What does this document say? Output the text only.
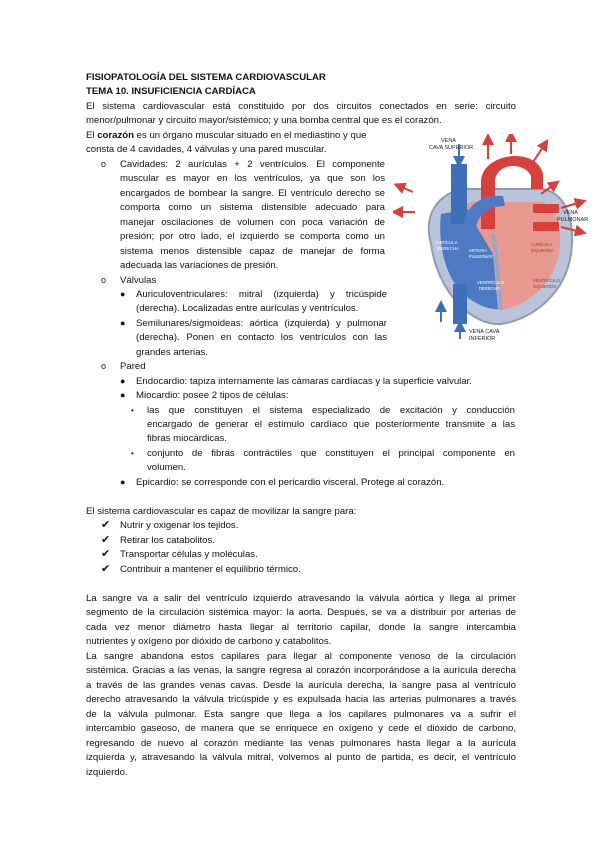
FISIOPATOLOGÍA DEL SISTEMA CARDIOVASCULAR
TEMA 10. INSUFICIENCIA CARDÍACA
El sistema cardiovascular está constituido por dos circuitos conectados en serie: circuito
menor/pulmonar y circuito mayor/sistémico; y una bomba central que es el corazón.
El corazón es un órgano muscular situado en el mediastino y que
consta de 4 cavidades, 4 válvulas y una pared muscular.
o Cavidades: 2 aurículas + 2 ventrículos. El componente
muscular es mayor en los ventrículos, ya que son los
encargados de bombear la sangre. El ventrículo derecho se
comporta como un sistema distensible adecuado para
manejar oscilaciones de volumen con poca variación de
presión; por otro lado, el izquierdo se comporta como un
sistema menos distensible capaz de manejar de forma
adecuada las variaciones de presión.
o Válvulas
● Auriculoventriculares: mitral (izquierda) y tricúspide
(derecha). Localizadas entre aurículas y ventrículos.
● Semilunares/sigmoideas: aórtica (izquierda) y pulmonar
(derecha). Ponen en contacto los ventrículos con las
grandes arterias.
o Pared
● Endocardio: tapiza internamente las cámaras cardíacas y la superficie valvular.
● Miocardio: posee 2 tipos de células:
• las que constituyen el sistema especializado de excitación y conducción
encargado de generar el estímulo cardíaco que posteriormente transmite a las
fibras miocárdicas.
• conjunto de fibras contráctiles que constituyen el principal componente en
volumen.
● Epicardio: se corresponde con el pericardio visceral. Protege al corazón.
El sistema cardiovascular es capaz de movilizar la sangre para:
✔ Nutrir y oxigenar los tejidos.
✔ Retirar los catabolitos.
✔ Transportar células y moléculas.
✔ Contribuir a mantener el equilibrio térmico.
La sangre va a salir del ventrículo izquierdo atravesando la válvula aórtica y llega al primer
segmento de la circulación sistémica mayor: la aorta. Después, se va a distribuir por arterias de
cada vez menor diámetro hasta llegar al territorio capilar, donde la sangre intercambia
nutrientes y oxígeno por dióxido de carbono y catabolitos.
La sangre abandona estos capilares para llegar al componente venoso de la circulación
sistémica. Gracias a las venas, la sangre regresa al corazón incorporándose a la aurícula derecha
a través de las grandes venas cavas. Desde la aurícula derecha, la sangre pasa al ventrículo
derecho atravesando la válvula tricúspide y es expulsada hacia las arterias pulmonares a través
de la válvula pulmonar. Esta sangre que llega a los capilares pulmonares va a sufrir el
intercambio gaseoso, de manera que se enriquece en oxígeno y cede el dióxido de carbono,
regresando de nuevo al corazón mediante las venas pulmonares hasta llegar a la aurícula
izquierda y, atravesando la válvula mitral, volvemos al punto de partida, es decir, el ventrículo
izquierdo.
VENA CAVA SUPERIOR
AORTA
VENA PULMONAR
VENA CAVA INFERIOR
AURÍCULA DERECHA ARTERIA PULMONAR
AURÍCULA IZQUIERDA
VENTRÍCULO DERECHO
VENTRÍCULO IZQUIERDO
